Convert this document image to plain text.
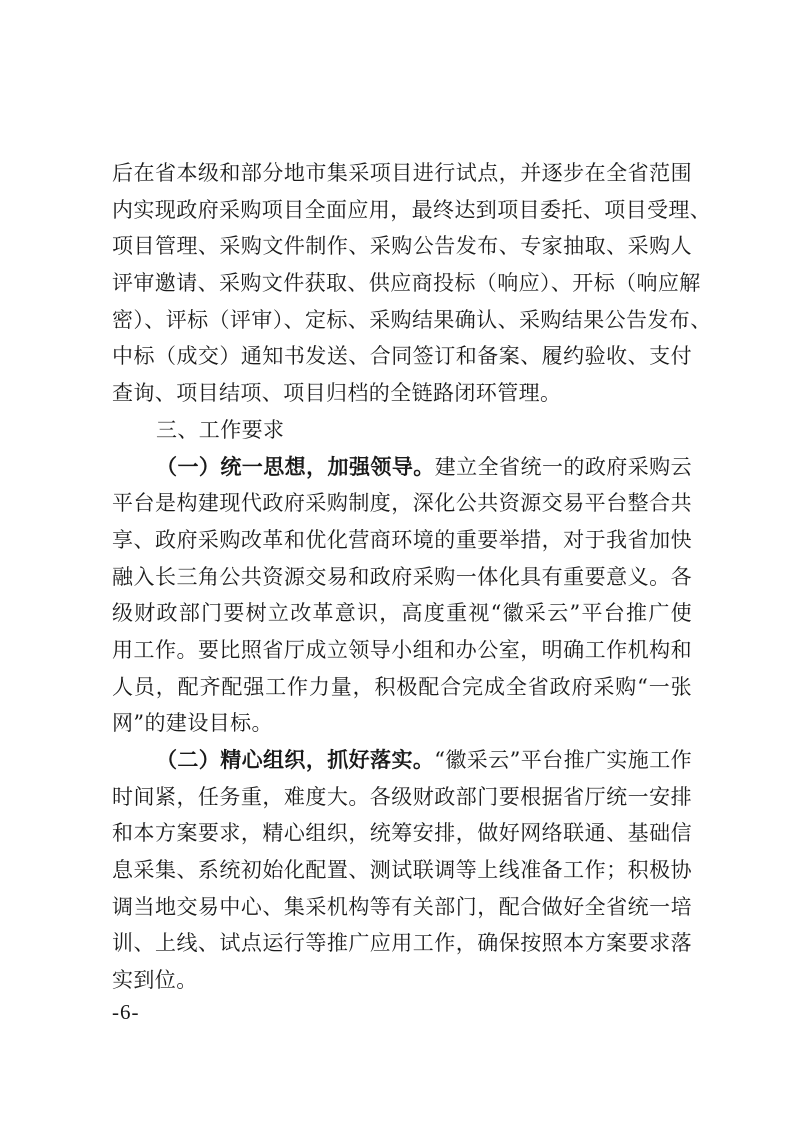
后在省本级和部分地市集采项目进行试点，并逐步在全省范围
内实现政府采购项目全面应用，最终达到项目委托、项目受理、
项目管理、采购文件制作、采购公告发布、专家抽取、采购人
评审邀请、采购文件获取、供应商投标（响应）、开标（响应解
密）、评标（评审）、定标、采购结果确认、采购结果公告发布、
中标（成交）通知书发送、合同签订和备案、履约验收、支付
查询、项目结项、项目归档的全链路闭环管理。
三、工作要求
（一）统一思想，加强领导。建立全省统一的政府采购云
平台是构建现代政府采购制度，深化公共资源交易平台整合共
享、政府采购改革和优化营商环境的重要举措，对于我省加快
融入长三角公共资源交易和政府采购一体化具有重要意义。各
级财政部门要树立改革意识，高度重视“徽采云”平台推广使
用工作。要比照省厅成立领导小组和办公室，明确工作机构和
人员，配齐配强工作力量，积极配合完成全省政府采购“一张
网”的建设目标。
（二）精心组织，抓好落实。“徽采云”平台推广实施工作
时间紧，任务重，难度大。各级财政部门要根据省厅统一安排
和本方案要求，精心组织，统筹安排，做好网络联通、基础信
息采集、系统初始化配置、测试联调等上线准备工作；积极协
调当地交易中心、集采机构等有关部门，配合做好全省统一培
训、上线、试点运行等推广应用工作，确保按照本方案要求落
实到位。
-6-
